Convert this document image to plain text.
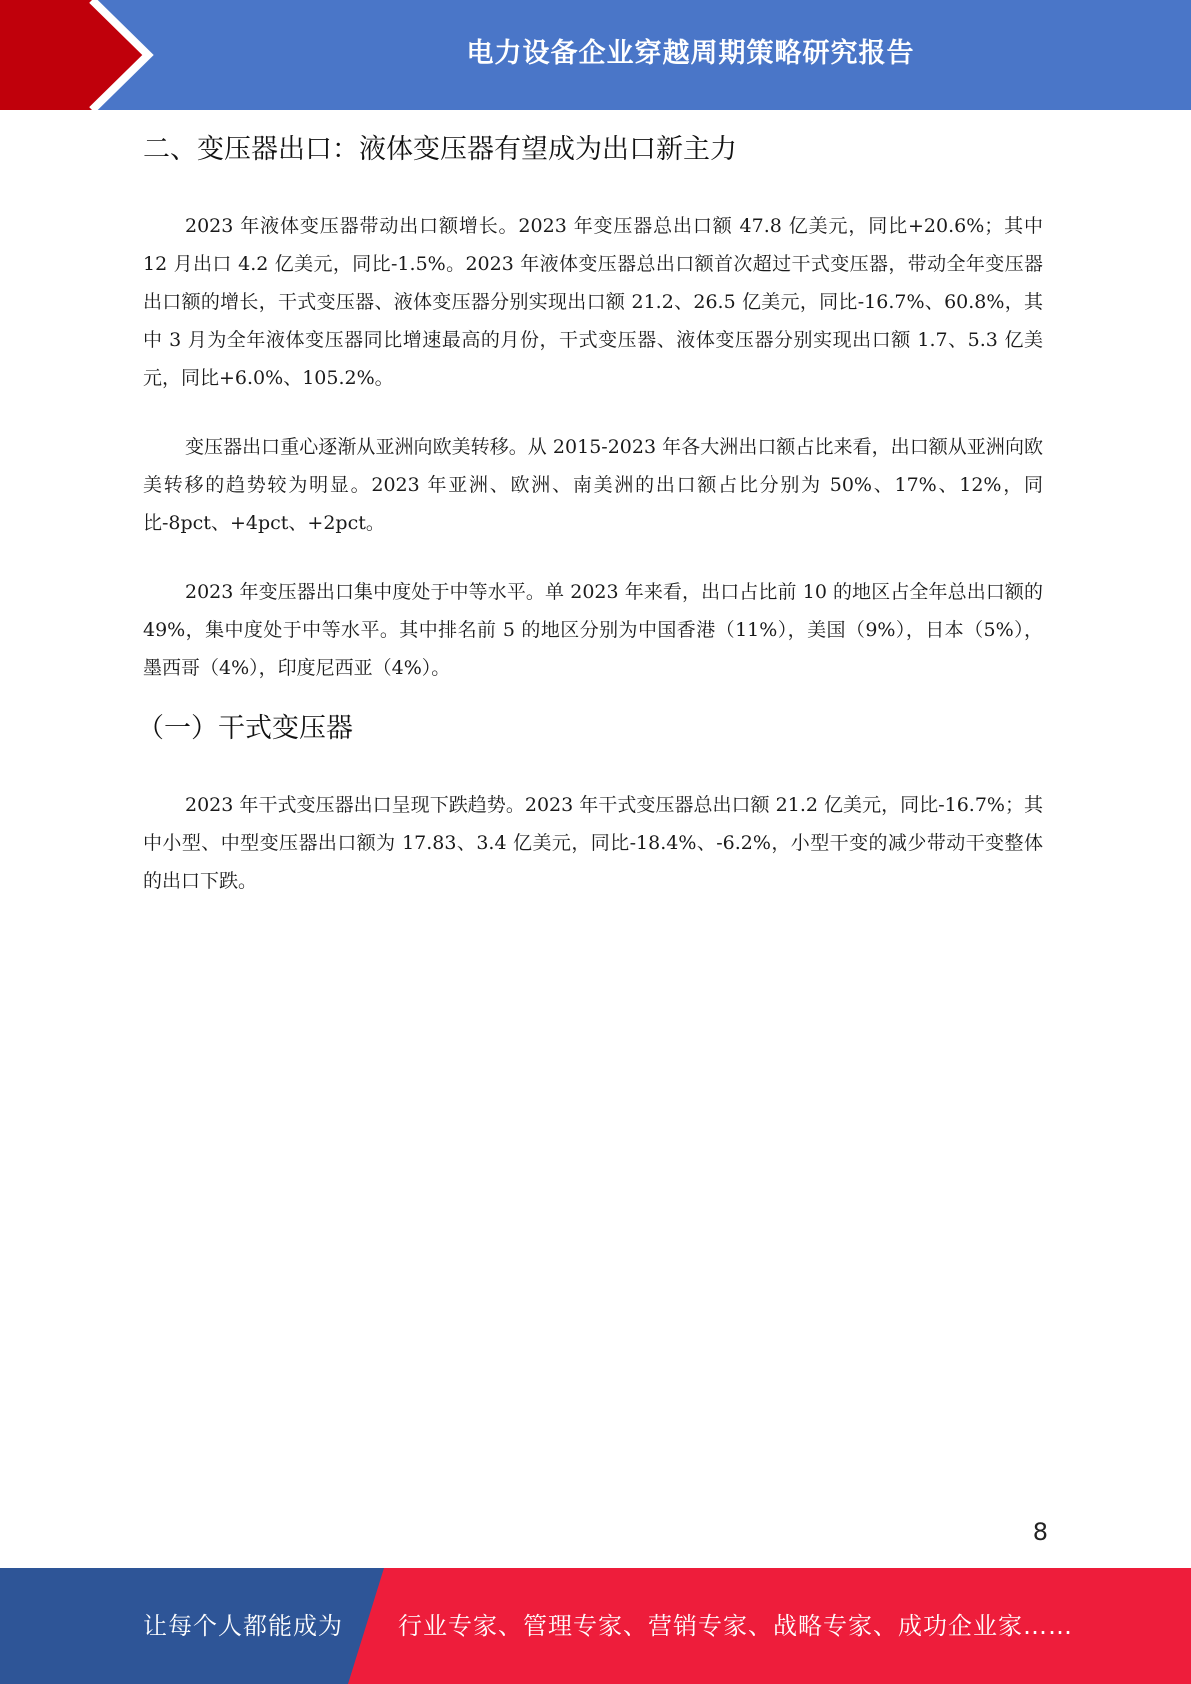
电力设备企业穿越周期策略研究报告
二、变压器出口：液体变压器有望成为出口新主力

2023 年液体变压器带动出口额增长。2023 年变压器总出口额 47.8 亿美元，同比+20.6%；其中 12 月出口 4.2 亿美元，同比-1.5%。2023 年液体变压器总出口额首次超过干式变压器，带动全年变压器出口额的增长，干式变压器、液体变压器分别实现出口额 21.2、26.5 亿美元，同比-16.7%、60.8%，其中 3 月为全年液体变压器同比增速最高的月份，干式变压器、液体变压器分别实现出口额 1.7、5.3 亿美元，同比+6.0%、105.2%。

变压器出口重心逐渐从亚洲向欧美转移。从 2015-2023 年各大洲出口额占比来看，出口额从亚洲向欧美转移的趋势较为明显。2023 年亚洲、欧洲、南美洲的出口额占比分别为 50%、17%、12%，同比-8pct、+4pct、+2pct。

2023 年变压器出口集中度处于中等水平。单 2023 年来看，出口占比前 10 的地区占全年总出口额的 49%，集中度处于中等水平。其中排名前 5 的地区分别为中国香港（11%），美国（9%），日本（5%），墨西哥（4%），印度尼西亚（4%）。

（一）干式变压器

2023 年干式变压器出口呈现下跌趋势。2023 年干式变压器总出口额 21.2 亿美元，同比-16.7%；其中小型、中型变压器出口额为 17.83、3.4 亿美元，同比-18.4%、-6.2%，小型干变的减少带动干变整体的出口下跌。

8
让每个人都能成为 行业专家、管理专家、营销专家、战略专家、成功企业家……
